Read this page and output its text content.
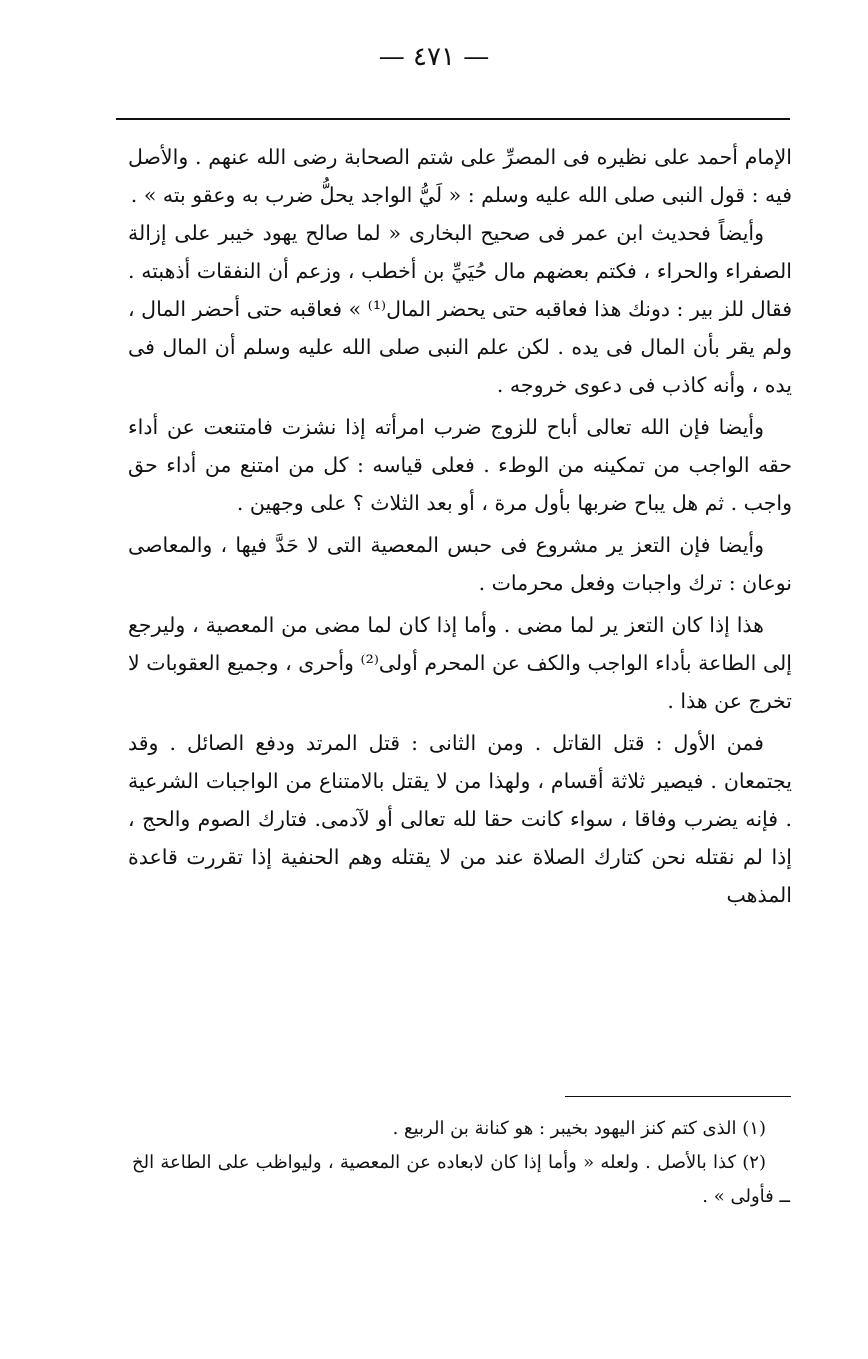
— ٤٧١ —

الإمام أحمد على نظيره فى المصرِّ على شتم الصحابة رضى الله عنهم . والأصل فيه : قول النبى صلى الله عليه وسلم : « لَيُّ الواجد يحلُّ ضرب به وعقو بته » .

وأيضاً فحديث ابن عمر فى صحيح البخارى « لما صالح يهود خيبر على إزالة الصفراء والحراء ، فكتم بعضهم مال حُيَيِّ بن أخطب ، وزعم أن النفقات أذهبته . فقال للز بير : دونك هذا فعاقبه حتى يحضر المال⁽¹⁾ » فعاقبه حتى أحضر المال ، ولم يقر بأن المال فى يده . لكن علم النبى صلى الله عليه وسلم أن المال فى يده ، وأنه كاذب فى دعوى خروجه .

وأيضا فإن الله تعالى أباح للزوج ضرب امرأته إذا نشزت فامتنعت عن أداء حقه الواجب من تمكينه من الوطء . فعلى قياسه : كل من امتنع من أداء حق واجب . ثم هل يباح ضربها بأول مرة ، أو بعد الثلاث ؟ على وجهين .

وأيضا فإن التعز ير مشروع فى حبس المعصية التى لا حَدَّ فيها ، والمعاصى نوعان : ترك واجبات وفعل محرمات .

هذا إذا كان التعز ير لما مضى . وأما إذا كان لما مضى من المعصية ، وليرجع إلى الطاعة بأداء الواجب والكف عن المحرم أولى⁽²⁾ وأحرى ، وجميع العقوبات لا تخرج عن هذا .

فمن الأول : قتل القاتل . ومن الثانى : قتل المرتد ودفع الصائل . وقد يجتمعان . فيصير ثلاثة أقسام ، ولهذا من لا يقتل بالامتناع من الواجبات الشرعية . فإنه يضرب وفاقا ، سواء كانت حقا لله تعالى أو لآدمى. فتارك الصوم والحج ، إذا لم نقتله نحن كتارك الصلاة عند من لا يقتله وهم الحنفية إذا تقررت قاعدة المذهب

(١) الذى كتم كنز اليهود بخيبر : هو كنانة بن الربيع .

(٢) كذا بالأصل . ولعله « وأما إذا كان لابعاده عن المعصية ، وليواظب على الطاعة الخ ــ فأولى » .
